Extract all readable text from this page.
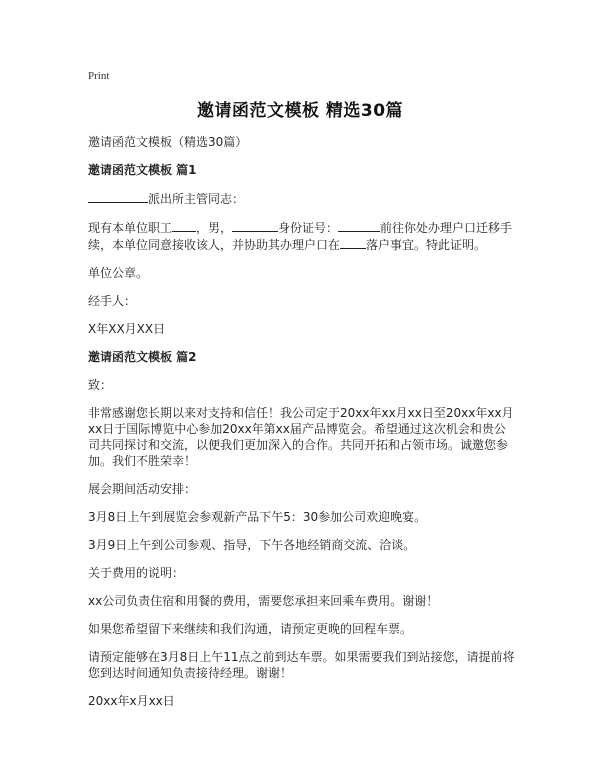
Print
邀请函范文模板 精选30篇

邀请函范文模板（精选30篇）

邀请函范文模板 篇1

派出所主管同志：

现有本单位职工 ，男，	身份证号：	前往你处办理户口迁移手续，本单位同意接收该人，并协助其办理户口在 落户事宜。特此证明。

单位公章。

经手人：

X年XX月XX日

邀请函范文模板 篇2

致：

非常感谢您长期以来对支持和信任！我公司定于20xx年xx月xx日至20xx年xx月xx日于国际博览中心参加20xx年第xx届产品博览会。希望通过这次机会和贵公司共同探讨和交流，以便我们更加深入的合作。共同开拓和占领市场。诚邀您参加。我们不胜荣幸！

展会期间活动安排：

3月8日上午到展览会参观新产品下午5：30参加公司欢迎晚宴。

3月9日上午到公司参观、指导，下午各地经销商交流、洽谈。

关于费用的说明：

xx公司负责住宿和用餐的费用，需要您承担来回乘车费用。谢谢！

如果您希望留下来继续和我们沟通，请预定更晚的回程车票。

请预定能够在3月8日上午11点之前到达车票。如果需要我们到站接您，请提前将您到达时间通知负责接待经理。谢谢！

20xx年x月xx日
